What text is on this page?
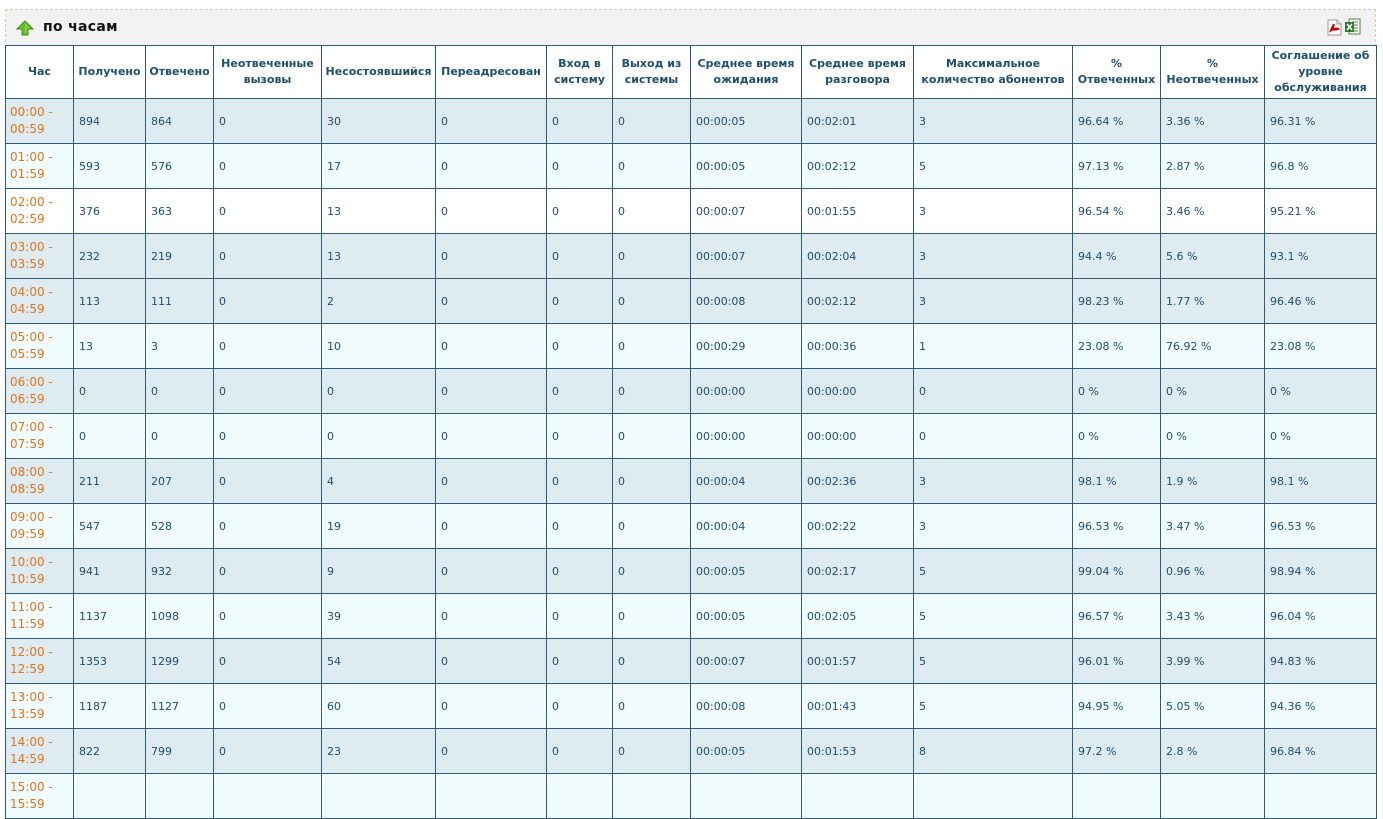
по часам
Час	Получено	Отвечено	Неотвеченные вызовы	Несостоявшийся	Переадресован	Вход в систему	Выход из системы	Среднее время ожидания	Среднее время разговора	Максимальное количество абонентов	% Отвеченных	% Неотвеченных	Соглашение об уровне обслуживания
00:00 - 00:59	894	864	0	30	0	0	0	00:00:05	00:02:01	3	96.64 %	3.36 %	96.31 %
01:00 - 01:59	593	576	0	17	0	0	0	00:00:05	00:02:12	5	97.13 %	2.87 %	96.8 %
02:00 - 02:59	376	363	0	13	0	0	0	00:00:07	00:01:55	3	96.54 %	3.46 %	95.21 %
03:00 - 03:59	232	219	0	13	0	0	0	00:00:07	00:02:04	3	94.4 %	5.6 %	93.1 %
04:00 - 04:59	113	111	0	2	0	0	0	00:00:08	00:02:12	3	98.23 %	1.77 %	96.46 %
05:00 - 05:59	13	3	0	10	0	0	0	00:00:29	00:00:36	1	23.08 %	76.92 %	23.08 %
06:00 - 06:59	0	0	0	0	0	0	0	00:00:00	00:00:00	0	0 %	0 %	0 %
07:00 - 07:59	0	0	0	0	0	0	0	00:00:00	00:00:00	0	0 %	0 %	0 %
08:00 - 08:59	211	207	0	4	0	0	0	00:00:04	00:02:36	3	98.1 %	1.9 %	98.1 %
09:00 - 09:59	547	528	0	19	0	0	0	00:00:04	00:02:22	3	96.53 %	3.47 %	96.53 %
10:00 - 10:59	941	932	0	9	0	0	0	00:00:05	00:02:17	5	99.04 %	0.96 %	98.94 %
11:00 - 11:59	1137	1098	0	39	0	0	0	00:00:05	00:02:05	5	96.57 %	3.43 %	96.04 %
12:00 - 12:59	1353	1299	0	54	0	0	0	00:00:07	00:01:57	5	96.01 %	3.99 %	94.83 %
13:00 - 13:59	1187	1127	0	60	0	0	0	00:00:08	00:01:43	5	94.95 %	5.05 %	94.36 %
14:00 - 14:59	822	799	0	23	0	0	0	00:00:05	00:01:53	8	97.2 %	2.8 %	96.84 %
15:00 - 15:59													
